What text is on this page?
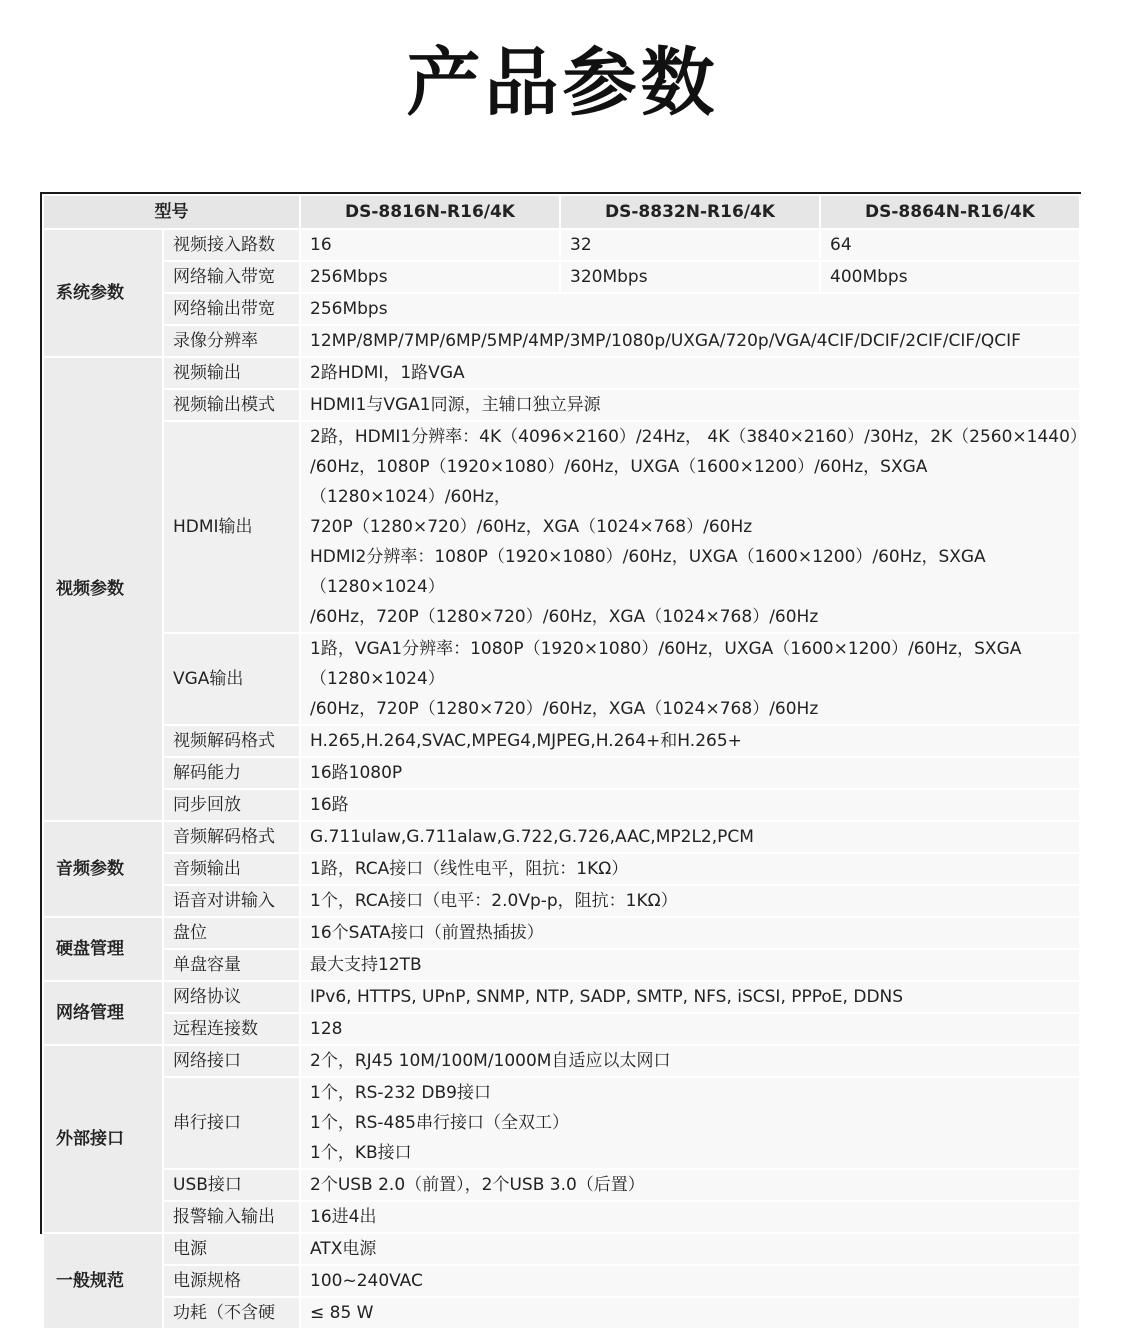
产品参数
型号		DS-8816N-R16/4K	DS-8832N-R16/4K	DS-8864N-R16/4K
系统参数	视频接入路数	16	32	64
	网络输入带宽	256Mbps	320Mbps	400Mbps
	网络输出带宽	256Mbps		
	录像分辨率	12MP/8MP/7MP/6MP/5MP/4MP/3MP/1080p/UXGA/720p/VGA/4CIF/DCIF/2CIF/CIF/QCIF		
视频参数	视频输出	2路HDMI，1路VGA		
	视频输出模式	HDMI1与VGA1同源，主辅口独立异源		
	HDMI输出	2路，HDMI1分辨率：4K（4096×2160）/24Hz， 4K（3840×2160）/30Hz，2K（2560×1440）
/60Hz，1080P（1920×1080）/60Hz，UXGA（1600×1200）/60Hz，SXGA（1280×1024）/60Hz，
720P（1280×720）/60Hz，XGA（1024×768）/60Hz
HDMI2分辨率：1080P（1920×1080）/60Hz，UXGA（1600×1200）/60Hz，SXGA（1280×1024）
/60Hz，720P（1280×720）/60Hz，XGA（1024×768）/60Hz		

	VGA输出	1路，VGA1分辨率：1080P（1920×1080）/60Hz，UXGA（1600×1200）/60Hz，SXGA（1280×1024）
/60Hz，720P（1280×720）/60Hz，XGA（1024×768）/60Hz		

	视频解码格式	H.265,H.264,SVAC,MPEG4,MJPEG,H.264+和H.265+		
	解码能力	16路1080P		
	同步回放	16路		
音频参数	音频解码格式	G.711ulaw,G.711alaw,G.722,G.726,AAC,MP2L2,PCM		
	音频输出	1路，RCA接口（线性电平，阻抗：1KΩ）		
	语音对讲输入	1个，RCA接口（电平：2.0Vp-p，阻抗：1KΩ）		
硬盘管理	盘位	16个SATA接口（前置热插拔）		
	单盘容量	最大支持12TB		
网络管理	网络协议	IPv6, HTTPS, UPnP, SNMP, NTP, SADP, SMTP, NFS, iSCSI, PPPoE, DDNS		
	远程连接数	128		
外部接口	网络接口	2个，RJ45 10M/100M/1000M自适应以太网口		
	串行接口	1个，RS-232 DB9接口
1个，RS-485串行接口（全双工）
1个，KB接口		

	USB接口	2个USB 2.0（前置），2个USB 3.0（后置）		
	报警输入输出	16进4出		
一般规范	电源	ATX电源		
	电源规格	100~240VAC		
	功耗（不含硬	≤ 85 W		
